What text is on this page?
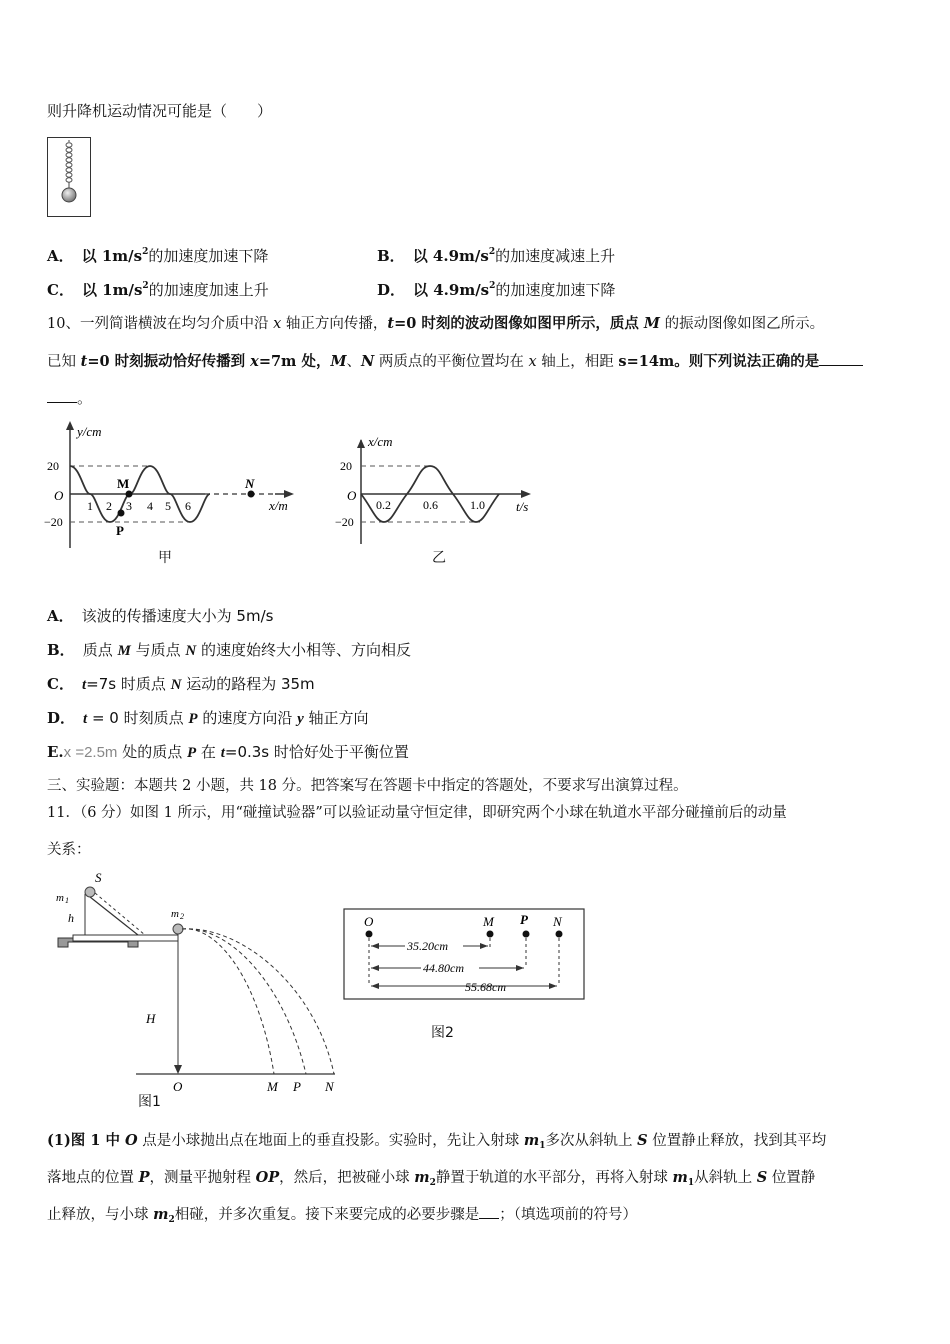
则升降机运动情况可能是（　　）
A． 以 $1m/s^2$的加速度加速下降	B． 以 $4.9m/s^2$的加速度减速上升
C． 以 $1m/s^2$的加速度加速上升	D． 以 $4.9m/s^2$的加速度加速下降
10、一列简谐横波在均匀介质中沿 x 轴正方向传播，t=0 时刻的波动图像如图甲所示，质点 M 的振动图像如图乙所示。
已知 t=0 时刻振动恰好传播到 x=7m 处，M、N 两质点的平衡位置均在 x 轴上，相距 s=14m。则下列说法正确的是
。
y/cm
20
−20
O
1 2 3 4 5 6
M
P
N
x/m
甲
x/cm
20
−20
O
0.2	0.6	1.0 t/s
乙
A． 该波的传播速度大小为 5m/s
B． 质点 M 与质点 N 的速度始终大小相等、方向相反
C． t=7s 时质点 N 运动的路程为 35m
D． t = 0 时刻质点 P 的速度方向沿 y 轴正方向
E.x =2.5m 处的质点 P 在 t=0.3s 时恰好处于平衡位置
三、实验题：本题共 2 小题，共 18 分。把答案写在答题卡中指定的答题处，不要求写出演算过程。
11．（6 分）如图 1 所示，用“碰撞试验器”可以验证动量守恒定律，即研究两个小球在轨道水平部分碰撞前后的动量
关系：
S
m 1
h	m 2
H
O	M P N
图1
35.20cm
44.80cm
55.68cm
O	M P N
图2
(1)图 1 中 O 点是小球抛出点在地面上的垂直投影。实验时，先让入射球 $m_1$多次从斜轨上 S 位置静止释放，找到其平均
落地点的位置 P，测量平抛射程 OP，然后，把被碰小球 $m_2$静置于轨道的水平部分，再将入射球 $m_1$从斜轨上 S 位置静
止释放，与小球 $m_2$相碰，并多次重复。接下来要完成的必要步骤是 ；（填选项前的符号）
